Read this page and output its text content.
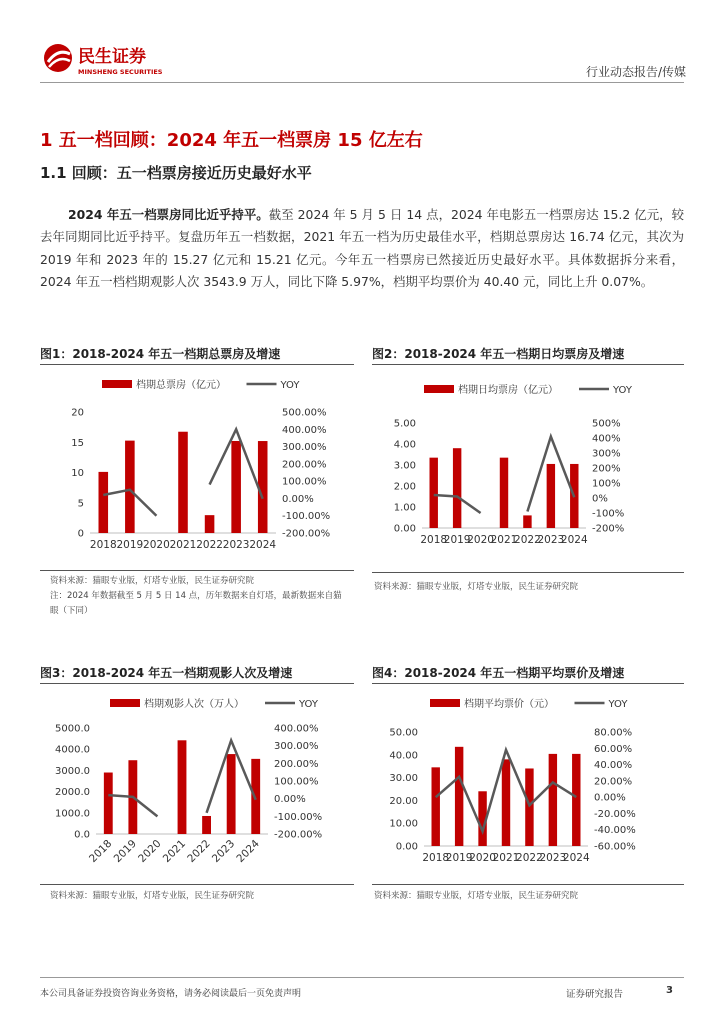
民生证券
MINSHENG SECURITIES	行业动态报告/传媒
1 五一档回顾：2024 年五一档票房 15 亿左右
1.1 回顾：五一档票房接近历史最好水平
2024 年五一档票房同比近乎持平。截至 2024 年 5 月 5 日 14 点，2024 年电影五一档票房达 15.2 亿元，较去年同期同比近乎持平。复盘历年五一档数据，2021 年五一档为历史最佳水平，档期总票房达 16.74 亿元，其次为 2019 年和 2023 年的 15.27 亿元和 15.21 亿元。今年五一档票房已然接近历史最好水平。具体数据拆分来看，2024 年五一档档期观影人次 3543.9 万人，同比下降 5.97%，档期平均票价为 40.40 元，同比上升 0.07%。
图1：2018-2024 年五一档期总票房及增速
档期总票房（亿元）	YOY
0
5
10
15
20
-200.00%
-100.00%
0.00%
100.00%
200.00%
300.00%
400.00%
500.00%
2018 2019 2020 2021 2022 2023 2024
资料来源：猫眼专业版，灯塔专业版，民生证券研究院
注：2024 年数据截至 5 月 5 日 14 点，历年数据来自灯塔，最新数据来自猫眼（下同）
图2：2018-2024 年五一档期日均票房及增速
档期日均票房（亿元）	YOY
0.00
1.00
2.00
3.00
4.00
5.00
-200%
-100%
0%
100%
200%
300%
400%
500%
2018
2019
2020
2021
2022
2023
2024
资料来源：猫眼专业版，灯塔专业版，民生证券研究院
图3：2018-2024 年五一档期观影人次及增速
档期观影人次（万人）	YOY
0.0
1000.0
2000.0
3000.0
4000.0
5000.0
-200.00%
-100.00%
0.00%
100.00%
200.00%
300.00%
400.00%
2018
2019
2020
2021
2022
2023
2024
资料来源：猫眼专业版，灯塔专业版，民生证券研究院
图4：2018-2024 年五一档期平均票价及增速
档期平均票价（元）	YOY
0.00
10.00
20.00
30.00
40.00
50.00
-60.00%
-40.00%
-20.00%
0.00%
20.00%
40.00%
60.00%
80.00%
2018
2019
2020
2021
2022
2023
2024
资料来源：猫眼专业版，灯塔专业版，民生证券研究院
本公司具备证券投资咨询业务资格，请务必阅读最后一页免责声明	证券研究报告	3
